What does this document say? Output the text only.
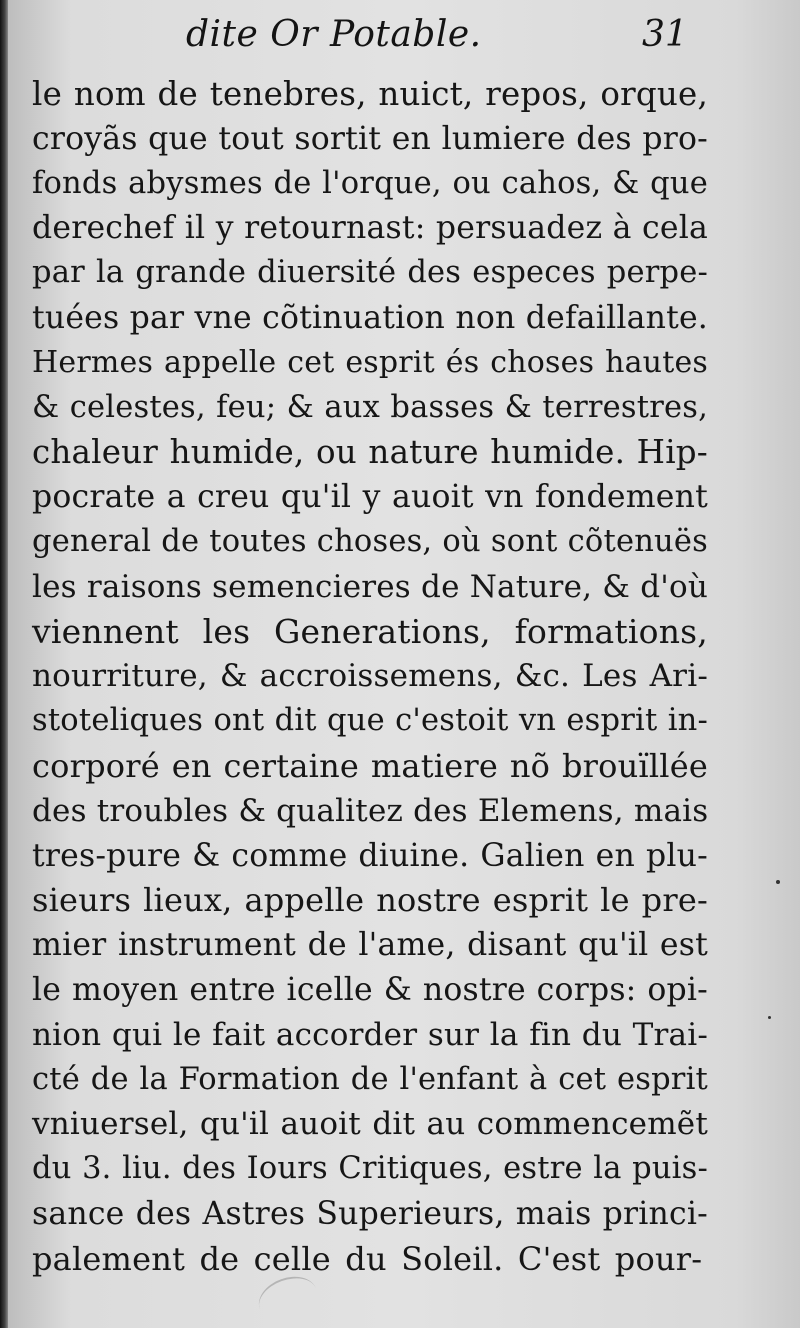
dite Or Potable.	31
le nom de tenebres, nuict, repos, orque,
croyãs que tout sortit en lumiere des pro-
fonds abysmes de l'orque, ou cahos, & que
derechef il y retournast: persuadez à cela
par la grande diuersité des especes perpe-
tuées par vne cõtinuation non defaillante.
Hermes appelle cet esprit és choses hautes
& celestes, feu; & aux basses & terrestres,
chaleur humide, ou nature humide. Hip-
pocrate a creu qu'il y auoit vn fondement
general de toutes choses, où sont cõtenuës
les raisons semencieres de Nature, & d'où
viennent les Generations, formations,
nourriture, & accroissemens, &c. Les Ari-
stoteliques ont dit que c'estoit vn esprit in-
corporé en certaine matiere nõ brouïllée
des troubles & qualitez des Elemens, mais
tres-pure & comme diuine. Galien en plu-
sieurs lieux, appelle nostre esprit le pre-
mier instrument de l'ame, disant qu'il est
le moyen entre icelle & nostre corps: opi-
nion qui le fait accorder sur la fin du Trai-
cté de la Formation de l'enfant à cet esprit
vniuersel, qu'il auoit dit au commencemẽt
du 3. liu. des Iours Critiques, estre la puis-
sance des Astres Superieurs, mais princi-
palement de celle du Soleil. C'est pour-
